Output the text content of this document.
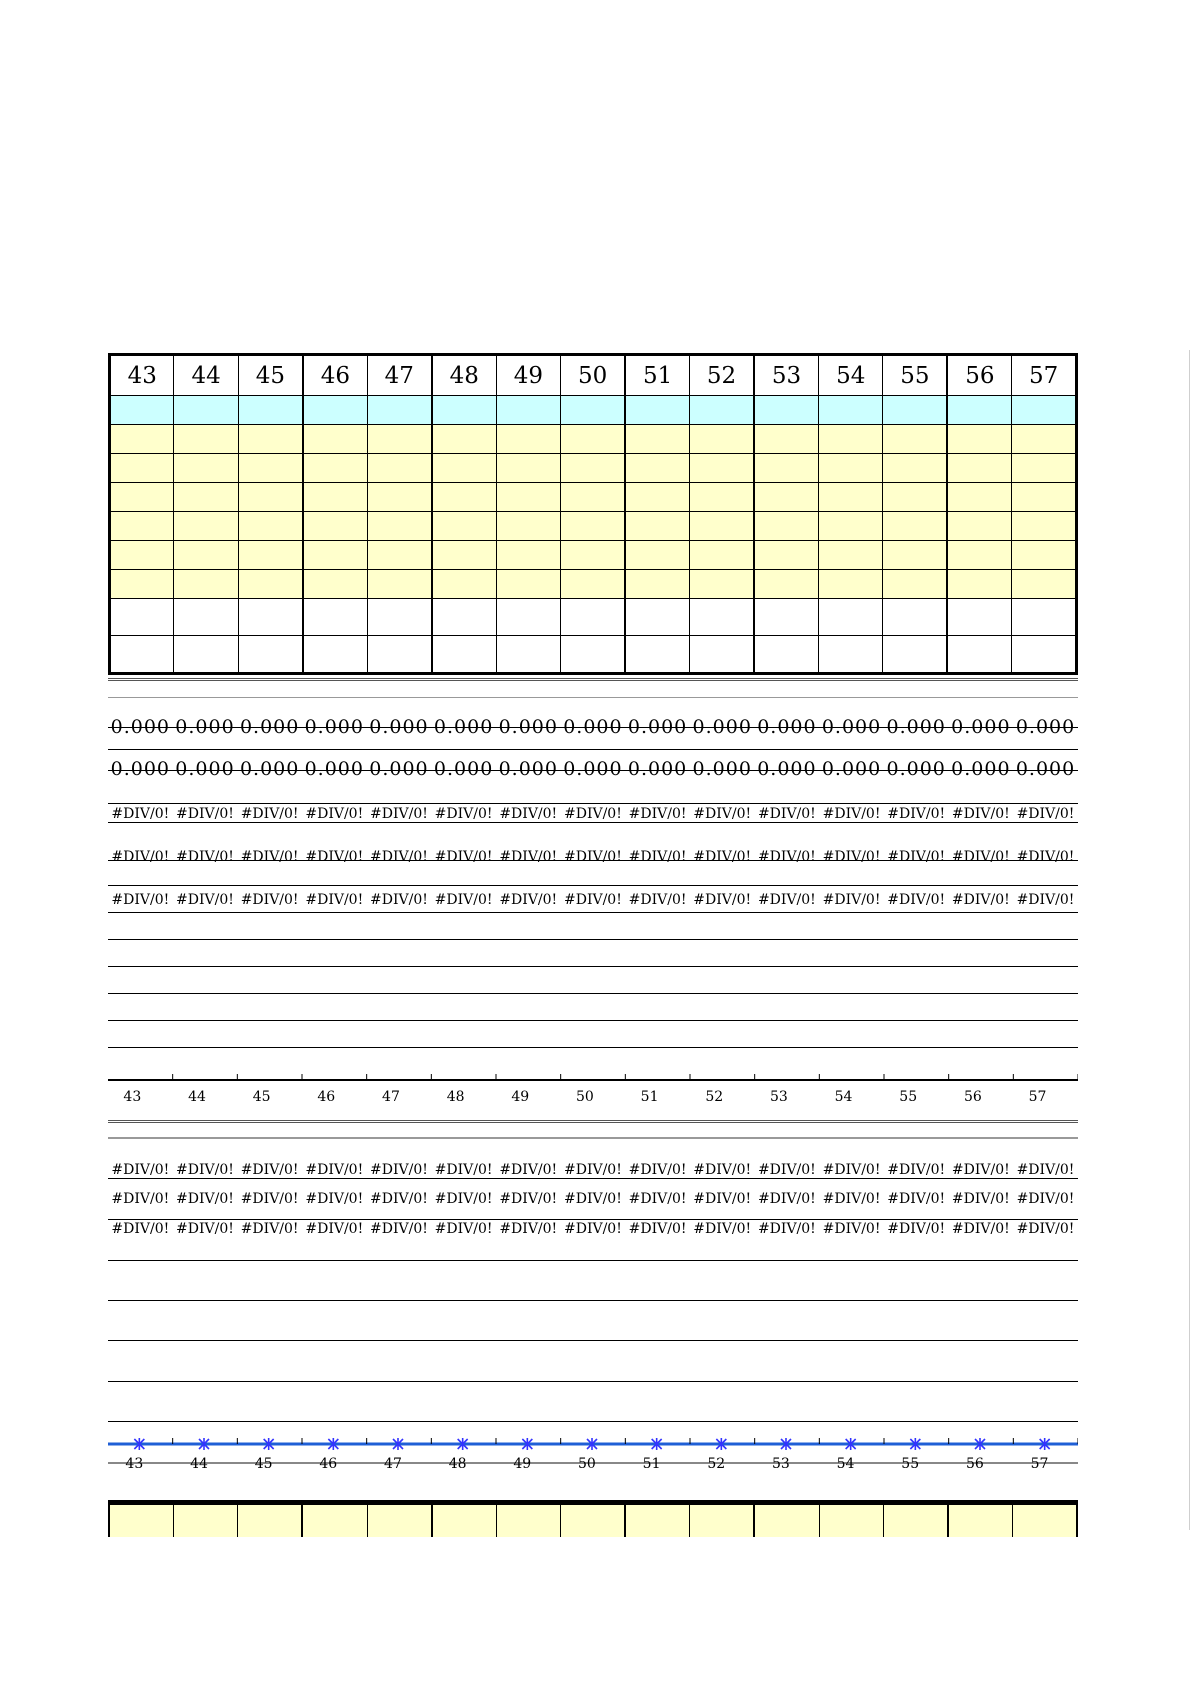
43	44	45	46	47	48	49	50	51	52	53	54	55	56	57

0.000 0.000 0.000 0.000 0.000 0.000 0.000 0.000 0.000 0.000 0.000 0.000 0.000 0.000 0.000
0.000 0.000 0.000 0.000 0.000 0.000 0.000 0.000 0.000 0.000 0.000 0.000 0.000 0.000 0.000
#DIV/0! #DIV/0! #DIV/0! #DIV/0! #DIV/0! #DIV/0! #DIV/0! #DIV/0! #DIV/0! #DIV/0! #DIV/0! #DIV/0! #DIV/0! #DIV/0! #DIV/0!
#DIV/0! #DIV/0! #DIV/0! #DIV/0! #DIV/0! #DIV/0! #DIV/0! #DIV/0! #DIV/0! #DIV/0! #DIV/0! #DIV/0! #DIV/0! #DIV/0! #DIV/0!
#DIV/0! #DIV/0! #DIV/0! #DIV/0! #DIV/0! #DIV/0! #DIV/0! #DIV/0! #DIV/0! #DIV/0! #DIV/0! #DIV/0! #DIV/0! #DIV/0! #DIV/0!
43	44	45	46	47	48	49	50	51	52	53	54	55	56	57
#DIV/0! #DIV/0! #DIV/0! #DIV/0! #DIV/0! #DIV/0! #DIV/0! #DIV/0! #DIV/0! #DIV/0! #DIV/0! #DIV/0! #DIV/0! #DIV/0! #DIV/0!
#DIV/0! #DIV/0! #DIV/0! #DIV/0! #DIV/0! #DIV/0! #DIV/0! #DIV/0! #DIV/0! #DIV/0! #DIV/0! #DIV/0! #DIV/0! #DIV/0! #DIV/0!
#DIV/0! #DIV/0! #DIV/0! #DIV/0! #DIV/0! #DIV/0! #DIV/0! #DIV/0! #DIV/0! #DIV/0! #DIV/0! #DIV/0! #DIV/0! #DIV/0! #DIV/0!
43	44	45	46	47	48	49	50	51	52	53	54	55	56	57
